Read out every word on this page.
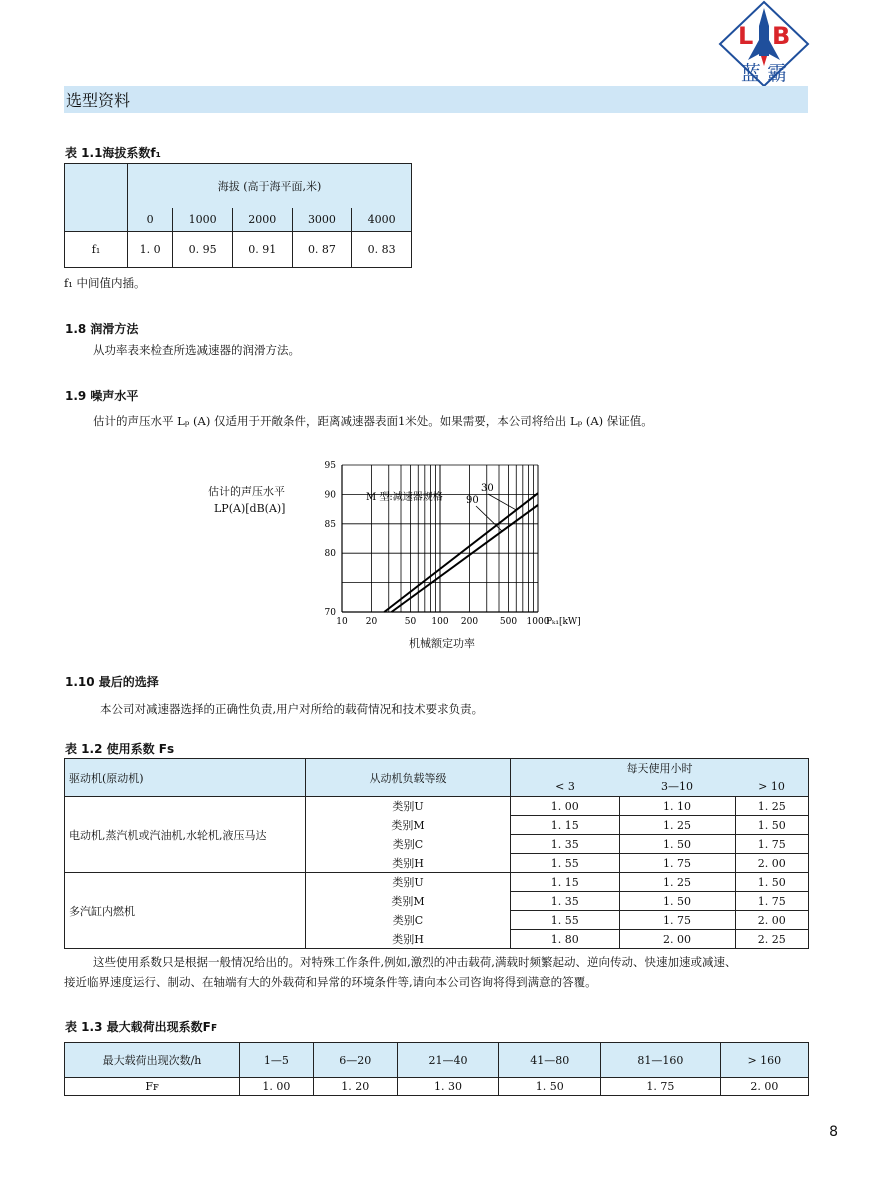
L B
蓝 霸
选型资料
表 1.1海拔系数f₁
	海拔 (高于海平面,米)				
	0	1000	2000	3000	4000
f₁	1. 0	0. 95	0. 91	0. 87	0. 83
f₁ 中间值内插。
1.8 润滑方法
从功率表来检查所选减速器的润滑方法。
1.9 噪声水平
估计的声压水平 Lₚ (A) 仅适用于开敞条件，距离减速器表面1米处。如果需要，本公司将给出 Lₚ (A) 保证值。
估计的声压水平
LP(A)[dB(A)]
30
90
95
90
85
80
70
10 20	50 100 200 500 1000
M 型:减速器规格
Pₖ₁[kW]
机械额定功率
1.10 最后的选择
本公司对减速器选择的正确性负责,用户对所给的载荷情况和技术要求负责。
表 1.2 使用系数 Fs
驱动机(原动机)	从动机负载等级	每天使用小时		
		< 3	3—10	> 10
电动机,蒸汽机或汽油机,水轮机,液压马达	类别U	1. 00	1. 10	1. 25
	类别M	1. 15	1. 25	1. 50
	类别C	1. 35	1. 50	1. 75
	类别H	1. 55	1. 75	2. 00
多汽缸内燃机	类别U	1. 15	1. 25	1. 50
	类别M	1. 35	1. 50	1. 75
	类别C	1. 55	1. 75	2. 00
	类别H	1. 80	2. 00	2. 25
这些使用系数只是根据一般情况给出的。对特殊工作条件,例如,激烈的冲击载荷,满载时频繁起动、逆向传动、快速加速或减速、
接近临界速度运行、制动、在轴端有大的外载荷和异常的环境条件等,请向本公司咨询将得到满意的答覆。
表 1.3 最大载荷出现系数Fꜰ
最大载荷出现次数/h	1—5	6—20	21—40	41—80	81—160	> 160
Fꜰ	1. 00	1. 20	1. 30	1. 50	1. 75	2. 00
8
